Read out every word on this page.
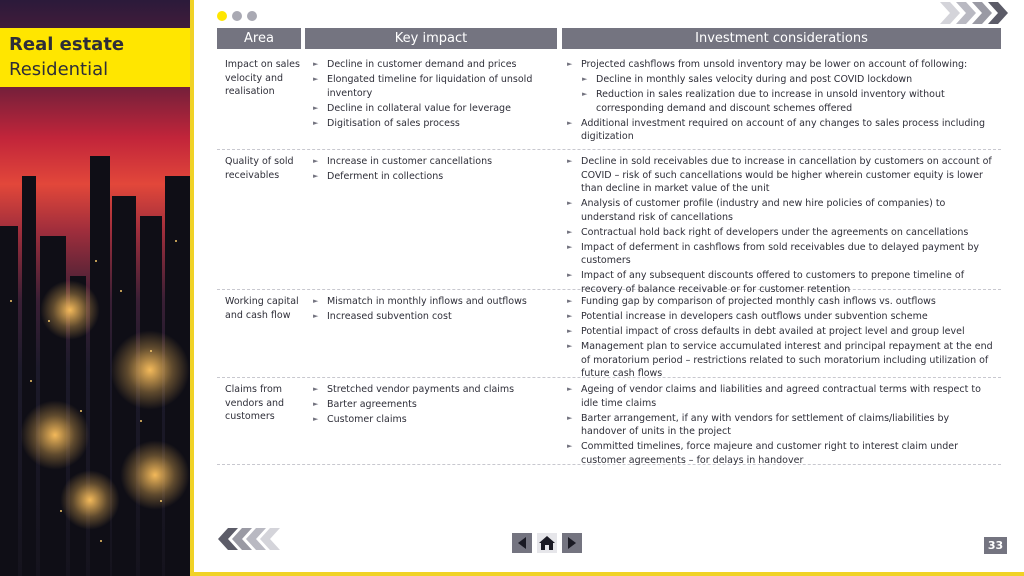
Real estate
Residential
Area	Key impact	Investment considerations
Impact on sales velocity and realisation
► Decline in customer demand and prices
► Elongated timeline for liquidation of unsold inventory
► Decline in collateral value for leverage
► Digitisation of sales process
► Projected cashflows from unsold inventory may be lower on account of following:
► Decline in monthly sales velocity during and post COVID lockdown
► Reduction in sales realization due to increase in unsold inventory without corresponding demand and discount schemes offered
► Additional investment required on account of any changes to sales process including digitization
Quality of sold receivables
► Increase in customer cancellations
► Deferment in collections
► Decline in sold receivables due to increase in cancellation by customers on account of COVID – risk of such cancellations would be higher wherein customer equity is lower than decline in market value of the unit
► Analysis of customer profile (industry and new hire policies of companies) to understand risk of cancellations
► Contractual hold back right of developers under the agreements on cancellations
► Impact of deferment in cashflows from sold receivables due to delayed payment by customers
► Impact of any subsequent discounts offered to customers to prepone timeline of recovery of balance receivable or for customer retention
Working capital and cash flow
► Mismatch in monthly inflows and outflows
► Increased subvention cost
► Funding gap by comparison of projected monthly cash inflows vs. outflows
► Potential increase in developers cash outflows under subvention scheme
► Potential impact of cross defaults in debt availed at project level and group level
► Management plan to service accumulated interest and principal repayment at the end of moratorium period – restrictions related to such moratorium including utilization of future cash flows
Claims from vendors and customers
► Stretched vendor payments and claims
► Barter agreements
► Customer claims
► Ageing of vendor claims and liabilities and agreed contractual terms with respect to idle time claims
► Barter arrangement, if any with vendors for settlement of claims/liabilities by handover of units in the project
► Committed timelines, force majeure and customer right to interest claim under customer agreements – for delays in handover
33
